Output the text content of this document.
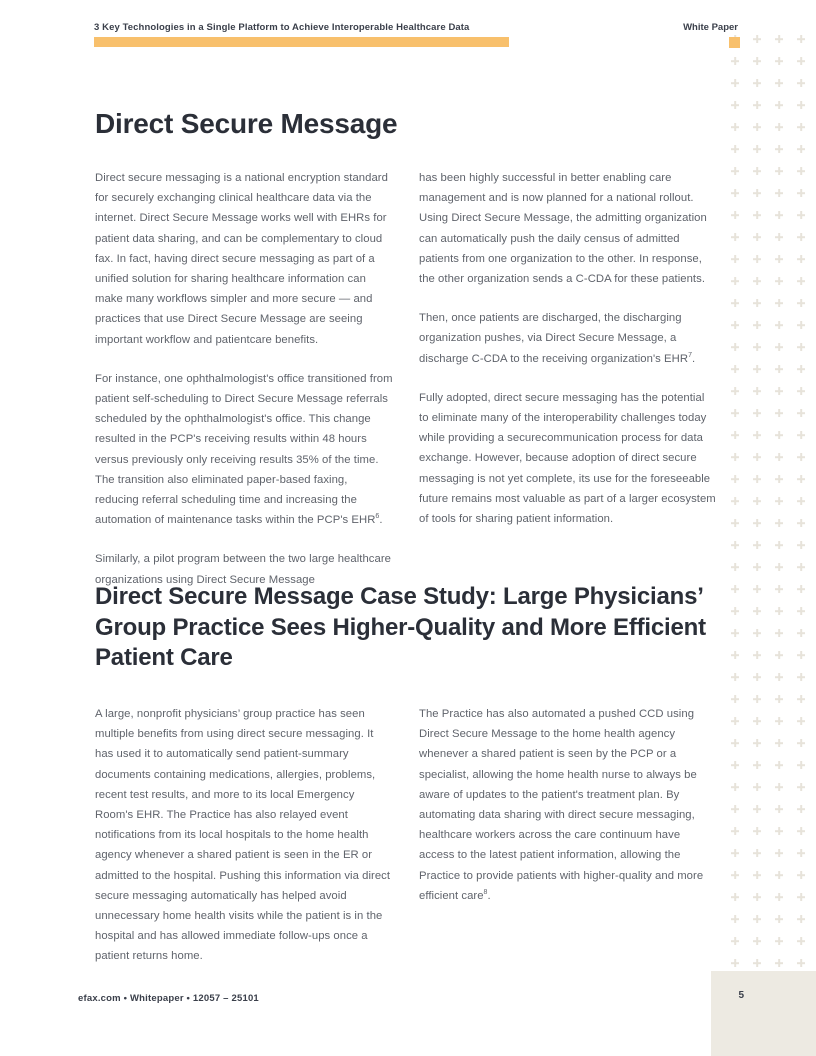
3 Key Technologies in a Single Platform to Achieve Interoperable Healthcare Data	White Paper
Direct Secure Message

Direct secure messaging is a national encryption standard for securely exchanging clinical healthcare data via the internet. Direct Secure Message works well with EHRs for patient data sharing, and can be complementary to cloud fax. In fact, having direct secure messaging as part of a unified solution for sharing healthcare information can make many workflows simpler and more secure — and practices that use Direct Secure Message are seeing important workflow and patientcare benefits.

For instance, one ophthalmologist's office transitioned from patient self-scheduling to Direct Secure Message referrals scheduled by the ophthalmologist's office. This change resulted in the PCP's receiving results within 48 hours versus previously only receiving results 35% of the time. The transition also eliminated paper-based faxing, reducing referral scheduling time and increasing the automation of maintenance tasks within the PCP's EHR$^6$.

Similarly, a pilot program between the two large healthcare organizations using Direct Secure Message

has been highly successful in better enabling care management and is now planned for a national rollout. Using Direct Secure Message, the admitting organization can automatically push the daily census of admitted patients from one organization to the other. In response, the other organization sends a C-CDA for these patients.

Then, once patients are discharged, the discharging organization pushes, via Direct Secure Message, a discharge C-CDA to the receiving organization's EHR$^7$.

Fully adopted, direct secure messaging has the potential to eliminate many of the interoperability challenges today while providing a securecommunication process for data exchange. However, because adoption of direct secure messaging is not yet complete, its use for the foreseeable future remains most valuable as part of a larger ecosystem of tools for sharing patient information.

Direct Secure Message Case Study: Large Physicians’ Group Practice Sees Higher-Quality and More Efficient Patient Care

A large, nonprofit physicians’ group practice has seen multiple benefits from using direct secure messaging. It has used it to automatically send patient-summary documents containing medications, allergies, problems, recent test results, and more to its local Emergency Room's EHR. The Practice has also relayed event notifications from its local hospitals to the home health agency whenever a shared patient is seen in the ER or admitted to the hospital. Pushing this information via direct secure messaging automatically has helped avoid unnecessary home health visits while the patient is in the hospital and has allowed immediate follow-ups once a patient returns home.

The Practice has also automated a pushed CCD using Direct Secure Message to the home health agency whenever a shared patient is seen by the PCP or a specialist, allowing the home health nurse to always be aware of updates to the patient's treatment plan. By automating data sharing with direct secure messaging, healthcare workers across the care continuum have access to the latest patient information, allowing the Practice to provide patients with higher-quality and more efficient care$^8$.

5
efax.com • Whitepaper • 12057 – 25101
